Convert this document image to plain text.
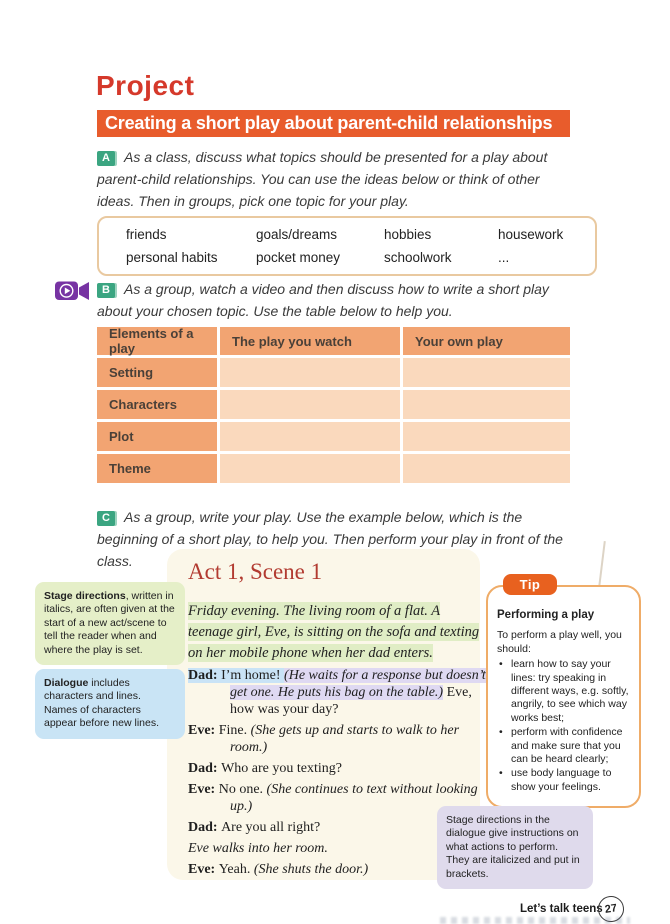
Project
Creating a short play about parent-child relationships

A As a class, discuss what topics should be presented for a play about parent-child relationships. You can use the ideas below or think of other ideas. Then in groups, pick one topic for your play.

friends	goals/dreams	hobbies	housework
personal habits	pocket money	schoolwork	...

B As a group, watch a video and then discuss how to write a short play about your chosen topic. Use the table below to help you.

Elements of a play	The play you watch	Your own play
Setting
Characters
Plot
Theme

C As a group, write your play. Use the example below, which is the beginning of a short play, to help you. Then perform your play in front of the class.	Act 1, Scene 1
Friday evening. The living room of a flat. A teenage girl, Eve, is sitting on the sofa and texting on her mobile phone when her dad enters.

Dad: I’m home! (He waits for a response but doesn’t get one. He puts his bag on the table.) Eve, how was your day?

Eve: Fine. (She gets up and starts to walk to her room.)

Dad: Who are you texting?

Eve: No one. (She continues to text without looking up.)

Dad: Are you all right?

Eve walks into her room.

Eve: Yeah. (She shuts the door.)

Stage directions, written in italics, are often given at the start of a new act/scene to tell the reader when and where the play is set.
Dialogue includes characters and lines. Names of characters appear before new lines.

Performing a play

To perform a play well, you should:

• learn how to say your lines: try speaking in different ways, e.g. softly, angrily, to see which way works best;
• perform with confidence and make sure that you can be heard clearly;
• use body language to show your feelings.
Tip
Stage directions in the dialogue give instructions on what actions to perform. They are italicized and put in brackets.
Let’s talk teens 27
